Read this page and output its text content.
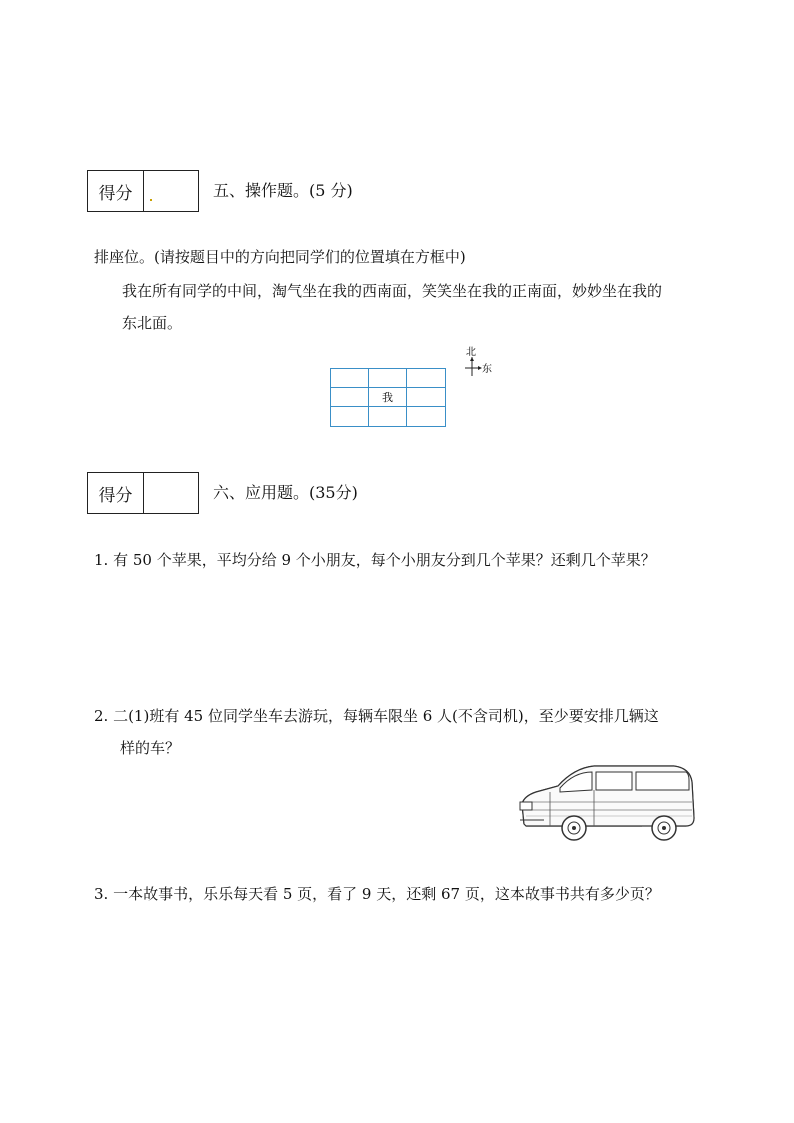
得分	五、操作题。(5 分)
排座位。(请按题目中的方向把同学们的位置填在方框中)
我在所有同学的中间，淘气坐在我的西南面，笑笑坐在我的正南面，妙妙坐在我的
东北面。
我
北
东
得分	六、应用题。(35分)
1. 有 50 个苹果，平均分给 9 个小朋友，每个小朋友分到几个苹果？还剩几个苹果？
2. 二(1)班有 45 位同学坐车去游玩，每辆车限坐 6 人(不含司机)，至少要安排几辆这
样的车？
3. 一本故事书，乐乐每天看 5 页，看了 9 天，还剩 67 页，这本故事书共有多少页？
